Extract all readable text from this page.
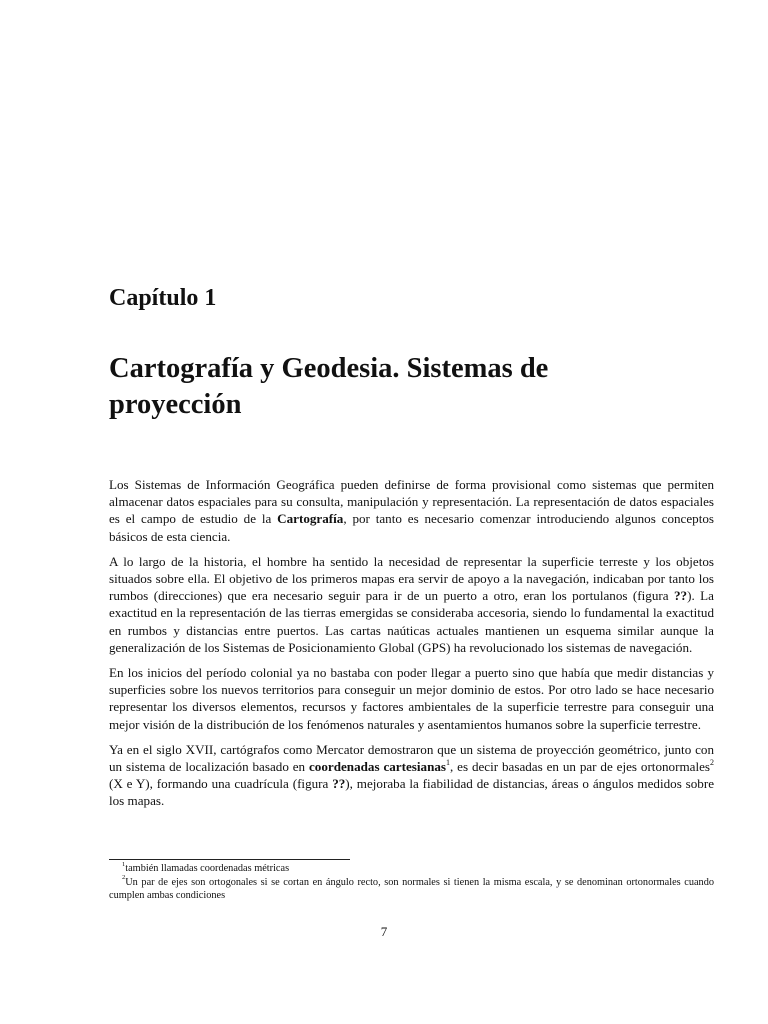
Capítulo 1
Cartografía y Geodesia. Sistemas de
proyección

Los Sistemas de Información Geográfica pueden definirse de forma provisional como sistemas que permiten almacenar datos espaciales para su consulta, manipulación y representación. La representación de datos espaciales es el campo de estudio de la Cartografía, por tanto es necesario comenzar introduciendo algunos conceptos básicos de esta ciencia.

A lo largo de la historia, el hombre ha sentido la necesidad de representar la superficie terreste y los objetos situados sobre ella. El objetivo de los primeros mapas era servir de apoyo a la navegación, indicaban por tanto los rumbos (direcciones) que era necesario seguir para ir de un puerto a otro, eran los portulanos (figura ??). La exactitud en la representación de las tierras emergidas se consideraba accesoria, siendo lo fundamental la exactitud en rumbos y distancias entre puertos. Las cartas naúticas actuales mantienen un esquema similar aunque la generalización de los Sistemas de Posicionamiento Global (GPS) ha revolucionado los sistemas de navegación.

En los inicios del período colonial ya no bastaba con poder llegar a puerto sino que había que medir distancias y superficies sobre los nuevos territorios para conseguir un mejor dominio de estos. Por otro lado se hace necesario representar los diversos elementos, recursos y factores ambientales de la superficie terrestre para conseguir una mejor visión de la distribución de los fenómenos naturales y asentamientos humanos sobre la superficie terrestre.

Ya en el siglo XVII, cartógrafos como Mercator demostraron que un sistema de proyección geométrico, junto con un sistema de localización basado en coordenadas cartesianas$^1$, es decir basadas en un par de ejes ortonormales$^2$ (X e Y), formando una cuadrícula (figura ??), mejoraba la fiabilidad de distancias, áreas o ángulos medidos sobre los mapas.

$^1$también llamadas coordenadas métricas

$^2$Un par de ejes son ortogonales si se cortan en ángulo recto, son normales si tienen la misma escala, y se denominan ortonormales cuando cumplen ambas condiciones

7
